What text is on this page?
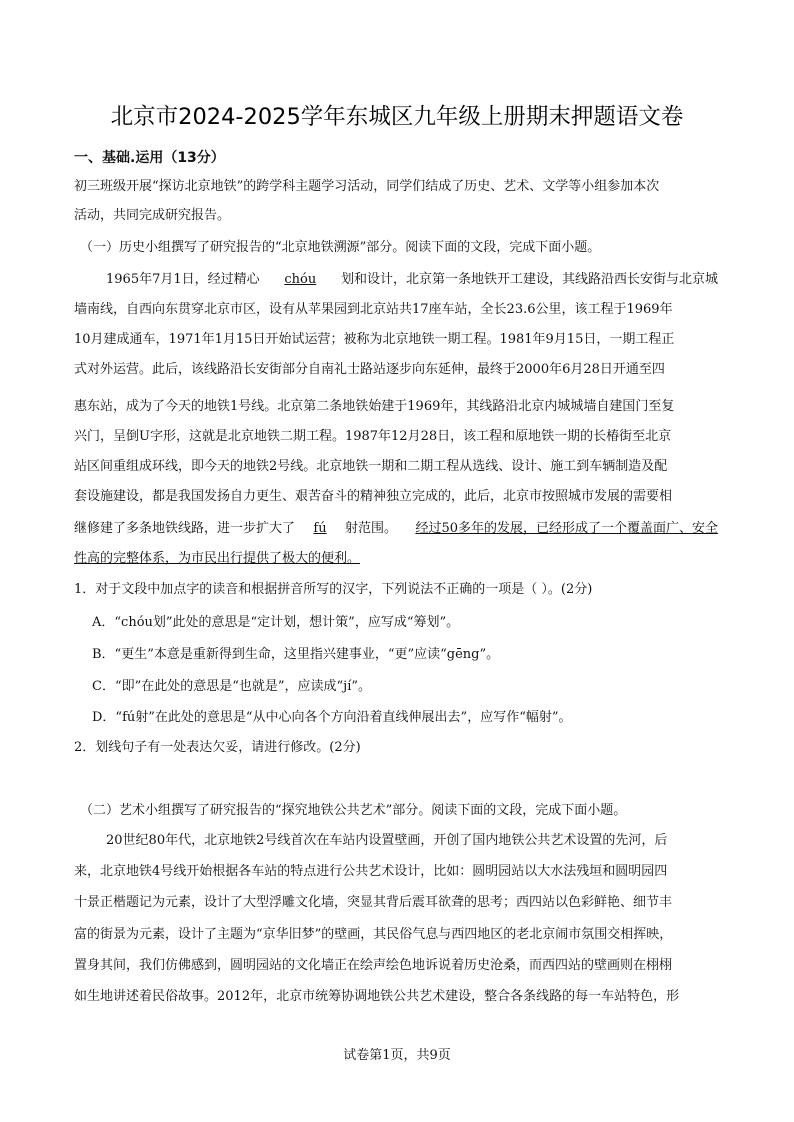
北京市2024-2025学年东城区九年级上册期末押题语文卷
一、基础.运用（13分）
初三班级开展“探访北京地铁”的跨学科主题学习活动，同学们结成了历史、艺术、文学等小组参加本次
活动，共同完成研究报告。
（一）历史小组撰写了研究报告的“北京地铁溯源”部分。阅读下面的文段，完成下面小题。
1965年7月1日，经过精心 chóu 划和设计，北京第一条地铁开工建设，其线路沿西长安街与北京城
墙南线，自西向东贯穿北京市区，设有从苹果园到北京站共17座车站，全长23.6公里，该工程于1969年
10月建成通车，1971年1月15日开始试运营；被称为北京地铁一期工程。1981年9月15日，一期工程正
式对外运营。此后，该线路沿长安街部分自南礼士路站逐步向东延伸，最终于2000年6月28日开通至四
惠东站，成为了今天的地铁1号线。北京第二条地铁始建于1969年，其线路沿北京内城城墙自建国门至复
兴门，呈倒U字形，这就是北京地铁二期工程。1987年12月28日，该工程和原地铁一期的长椿街至北京
站区间重组成环线，即今天的地铁2号线。北京地铁一期和二期工程从选线、设计、施工到车辆制造及配
套设施建设，都是我国发扬自力更生、艰苦奋斗的精神独立完成的，此后，北京市按照城市发展的需要相
继修建了多条地铁线路，进一步扩大了 fú 射范围。 经过50多年的发展，已经形成了一个覆盖面广、安全
性高的完整体系，为市民出行提供了极大的便利。
1．对于文段中加点字的读音和根据拼音所写的汉字，下列说法不正确的一项是（ ）。(2分)
A．“chóu划”此处的意思是“定计划，想计策”，应写成“筹划”。
B．“更生”本意是重新得到生命，这里指兴建事业，“更”应读“gēng”。
C．“即”在此处的意思是“也就是”，应读成“jí”。
D．“fú射”在此处的意思是“从中心向各个方向沿着直线伸展出去”，应写作“幅射”。
2．划线句子有一处表达欠妥，请进行修改。(2分)
（二）艺术小组撰写了研究报告的“探究地铁公共艺术”部分。阅读下面的文段，完成下面小题。
20世纪80年代，北京地铁2号线首次在车站内设置壁画，开创了国内地铁公共艺术设置的先河，后
来，北京地铁4号线开始根据各车站的特点进行公共艺术设计，比如：圆明园站以大水法残垣和圆明园四
十景正楷题记为元素，设计了大型浮雕文化墙，突显其背后震耳欲聋的思考；西四站以色彩鲜艳、细节丰
富的街景为元素，设计了主题为“京华旧梦”的壁画，其民俗气息与西四地区的老北京闹市氛围交相挥映，
置身其间，我们仿佛感到，圆明园站的文化墙正在绘声绘色地诉说着历史沧桑，而西四站的壁画则在栩栩
如生地讲述着民俗故事。2012年，北京市统筹协调地铁公共艺术建设，整合各条线路的每一车站特色，形
试卷第1页，共9页
